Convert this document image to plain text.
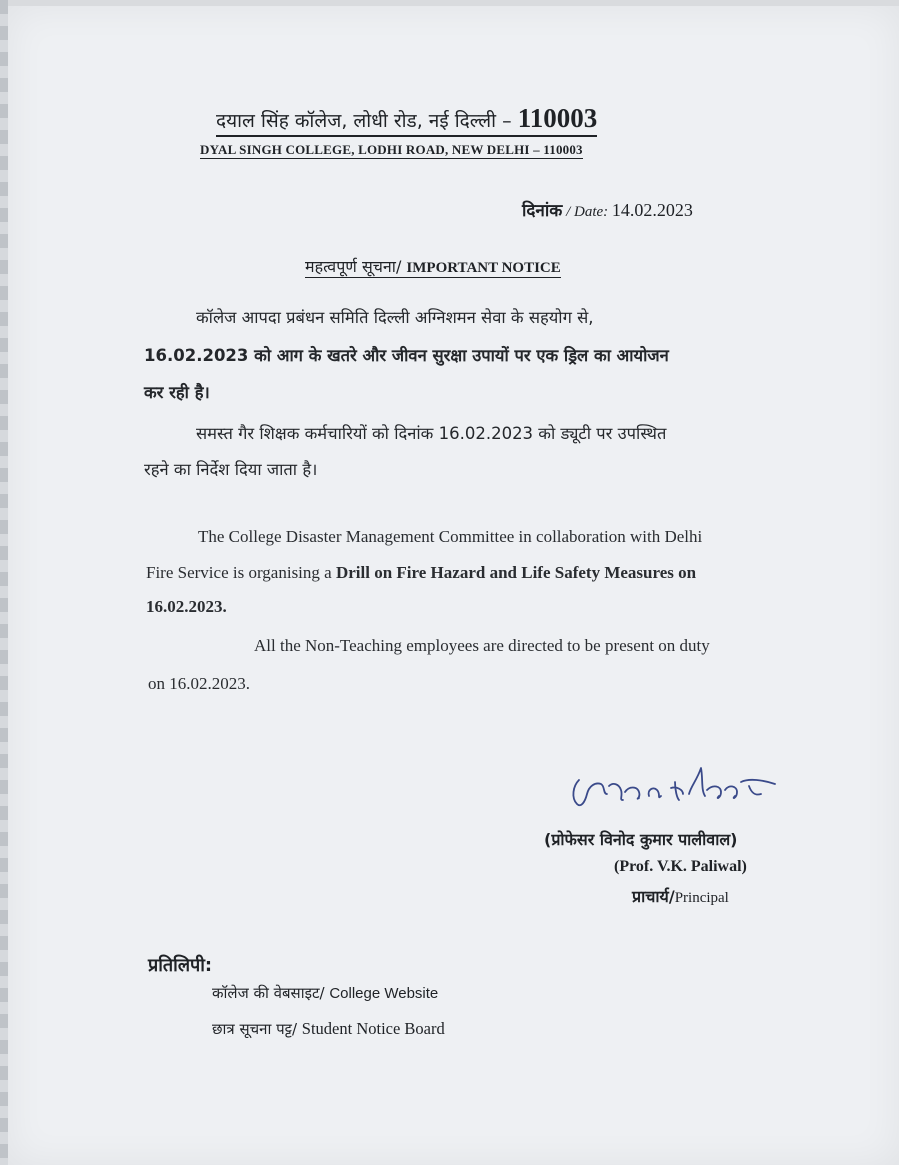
दयाल सिंह कॉलेज, लोधी रोड, नई दिल्ली – 110003
DYAL SINGH COLLEGE, LODHI ROAD, NEW DELHI – 110003
दिनांक / Date: 14.02.2023
महत्वपूर्ण सूचना/ IMPORTANT NOTICE
कॉलेज आपदा प्रबंधन समिति दिल्ली अग्निशमन सेवा के सहयोग से,
16.02.2023 को आग के खतरे और जीवन सुरक्षा उपायों पर एक ड्रिल का आयोजन
कर रही है।
समस्त गैर शिक्षक कर्मचारियों को दिनांक 16.02.2023 को ड्यूटी पर उपस्थित
रहने का निर्देश दिया जाता है।
The College Disaster Management Committee in collaboration with Delhi
Fire Service is organising a Drill on Fire Hazard and Life Safety Measures on
16.02.2023.
All the Non-Teaching employees are directed to be present on duty
on 16.02.2023.
(प्रोफेसर विनोद कुमार पालीवाल)
(Prof. V.K. Paliwal)
प्राचार्य/Principal
प्रतिलिपी:
कॉलेज की वेबसाइट/ College Website
छात्र सूचना पट्ट/ Student Notice Board
